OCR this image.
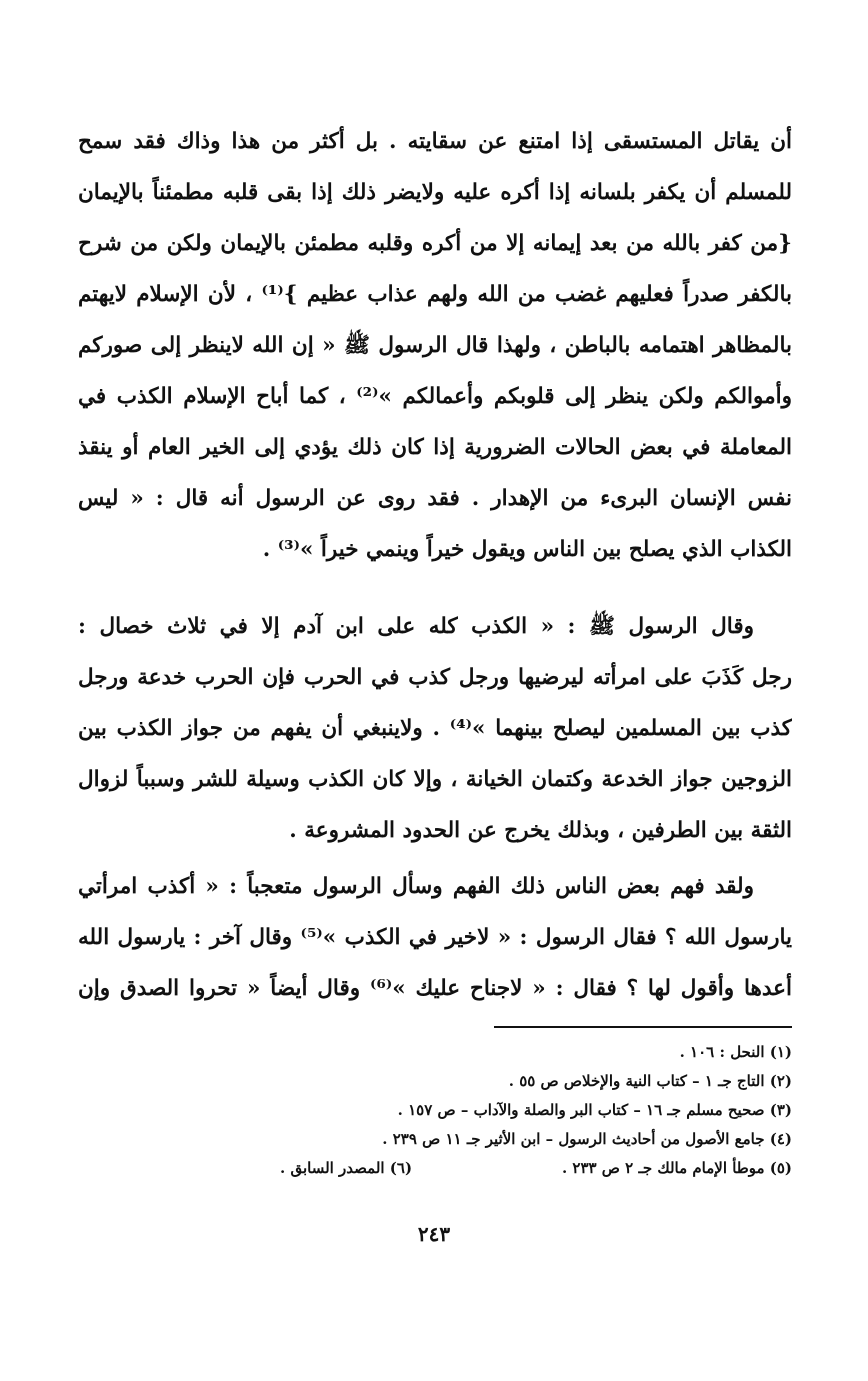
أن يقاتل المستسقى إذا امتنع عن سقايته . بل أكثر من هذا وذاك فقد سمح
للمسلم أن يكفر بلسانه إذا أكره عليه ولايضر ذلك إذا بقى قلبه مطمئناً بالإيمان
{من كفر بالله من بعد إيمانه إلا من أكره وقلبه مطمئن بالإيمان ولكن من شرح
بالكفر صدراً فعليهم غضب من الله ولهم عذاب عظيم }⁽¹⁾ ، لأن الإسلام لايهتم
بالمظاهر اهتمامه بالباطن ، ولهذا قال الرسول ﷺ « إن الله لاينظر إلى صوركم
وأموالكم ولكن ينظر إلى قلوبكم وأعمالكم »⁽²⁾ ، كما أباح الإسلام الكذب في
المعاملة في بعض الحالات الضرورية إذا كان ذلك يؤدي إلى الخير العام أو ينقذ
نفس الإنسان البرىء من الإهدار . فقد روى عن الرسول أنه قال : « ليس
الكذاب الذي يصلح بين الناس ويقول خيراً وينمي خيراً »⁽³⁾ .
وقال الرسول ﷺ : « الكذب كله على ابن آدم إلا في ثلاث خصال :
رجل كَذَبَ على امرأته ليرضيها ورجل كذب في الحرب فإن الحرب خدعة ورجل
كذب بين المسلمين ليصلح بينهما »⁽⁴⁾ . ولاينبغي أن يفهم من جواز الكذب بين
الزوجين جواز الخدعة وكتمان الخيانة ، وإلا كان الكذب وسيلة للشر وسبباً لزوال
الثقة بين الطرفين ، وبذلك يخرج عن الحدود المشروعة .
ولقد فهم بعض الناس ذلك الفهم وسأل الرسول متعجباً : « أكذب امرأتي
يارسول الله ؟ فقال الرسول : « لاخير في الكذب »⁽⁵⁾ وقال آخر : يارسول الله
أعدها وأقول لها ؟ فقال : « لاجناح عليك »⁽⁶⁾ وقال أيضاً « تحروا الصدق وإن
(١) النحل : ١٠٦ .
(٢) التاج جـ ١ – كتاب النية والإخلاص ص ٥٥ .
(٣) صحيح مسلم جـ ١٦ – كتاب البر والصلة والآداب – ص ١٥٧ .
(٤) جامع الأصول من أحاديث الرسول – ابن الأثير جـ ١١ ص ٢٣٩ .
(٥) موطأ الإمام مالك جـ ٢ ص ٢٣٣ .
(٦) المصدر السابق .
٢٤٣
